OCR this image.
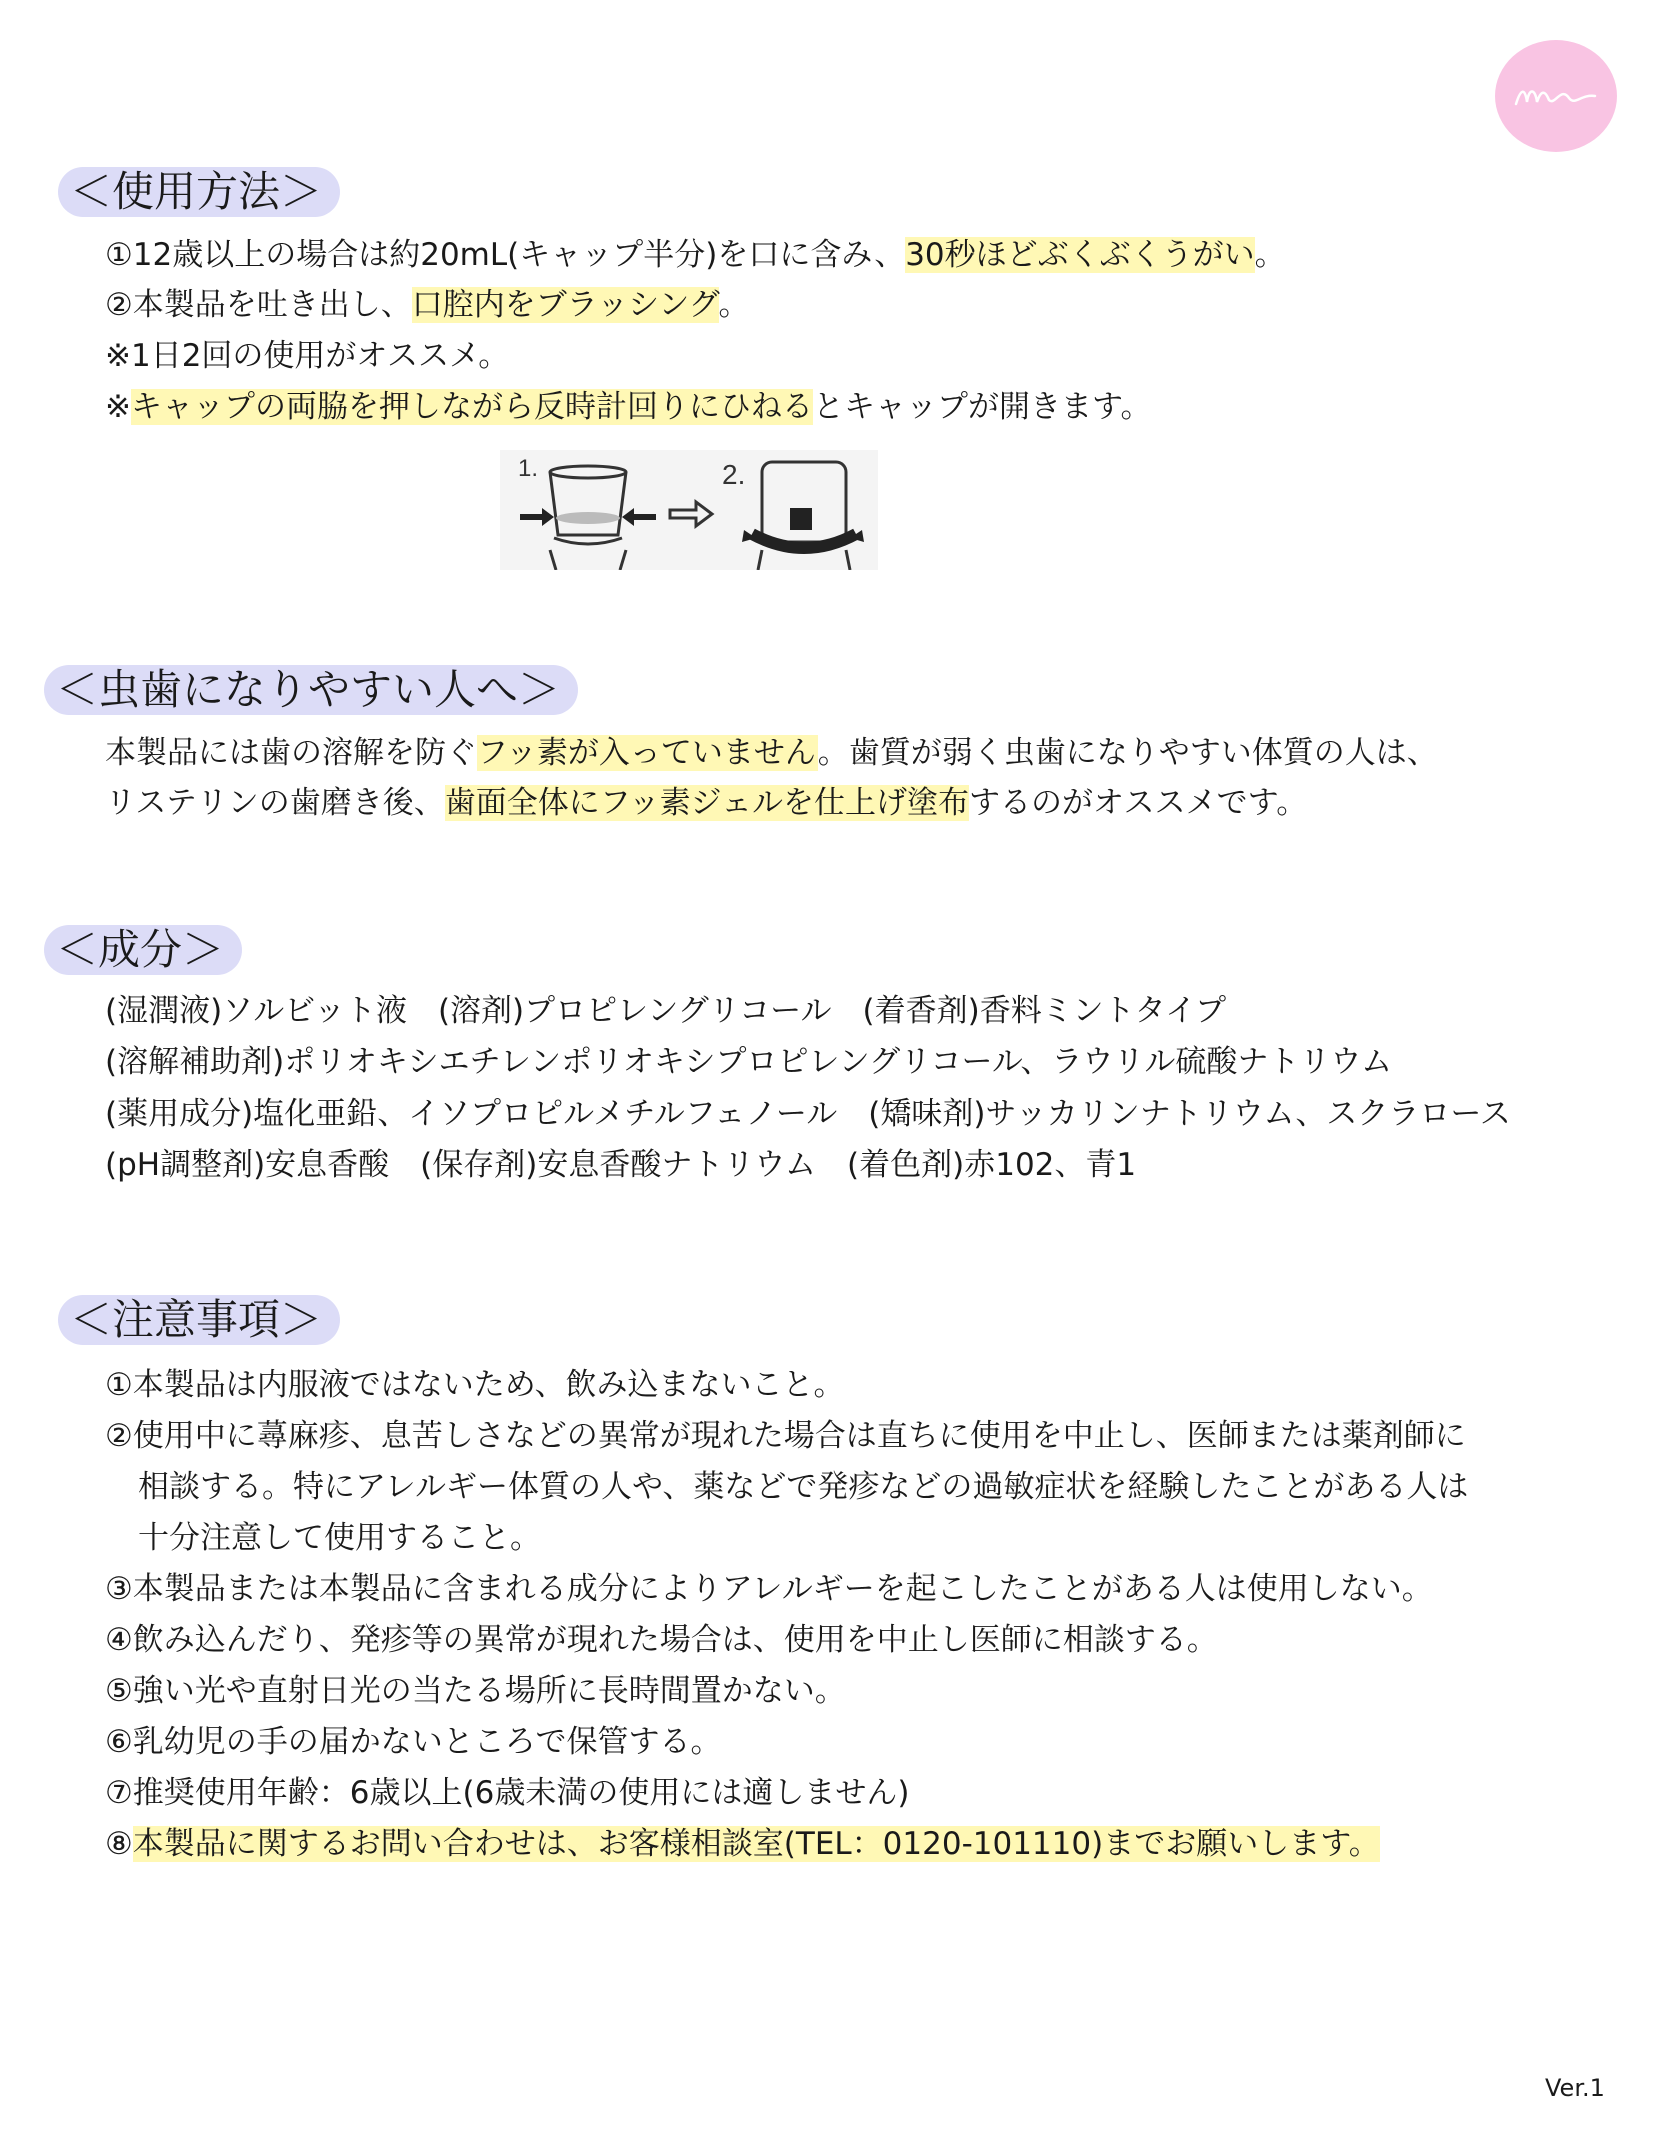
＜使用方法＞
①12歳以上の場合は約20mL(キャップ半分)を口に含み、30秒ほどぶくぶくうがい。
②本製品を吐き出し、口腔内をブラッシング。
※1日2回の使用がオススメ。
※キャップの両脇を押しながら反時計回りにひねるとキャップが開きます。
1.	2.
＜虫歯になりやすい人へ＞
本製品には歯の溶解を防ぐフッ素が入っていません。歯質が弱く虫歯になりやすい体質の人は、
リステリンの歯磨き後、歯面全体にフッ素ジェルを仕上げ塗布するのがオススメです。
＜成分＞
(湿潤液)ソルビット液　(溶剤)プロピレングリコール　(着香剤)香料ミントタイプ
(溶解補助剤)ポリオキシエチレンポリオキシプロピレングリコール、ラウリル硫酸ナトリウム
(薬用成分)塩化亜鉛、イソプロピルメチルフェノール　(矯味剤)サッカリンナトリウム、スクラロース
(pH調整剤)安息香酸　(保存剤)安息香酸ナトリウム　(着色剤)赤102、青1
＜注意事項＞
①本製品は内服液ではないため、飲み込まないこと。
②使用中に蕁麻疹、息苦しさなどの異常が現れた場合は直ちに使用を中止し、医師または薬剤師に
相談する。特にアレルギー体質の人や、薬などで発疹などの過敏症状を経験したことがある人は
十分注意して使用すること。
③本製品または本製品に含まれる成分によりアレルギーを起こしたことがある人は使用しない。
④飲み込んだり、発疹等の異常が現れた場合は、使用を中止し医師に相談する。
⑤強い光や直射日光の当たる場所に長時間置かない。
⑥乳幼児の手の届かないところで保管する。
⑦推奨使用年齢：6歳以上(6歳未満の使用には適しません)
⑧本製品に関するお問い合わせは、お客様相談室(TEL：0120-101110)までお願いします。
Ver.1
